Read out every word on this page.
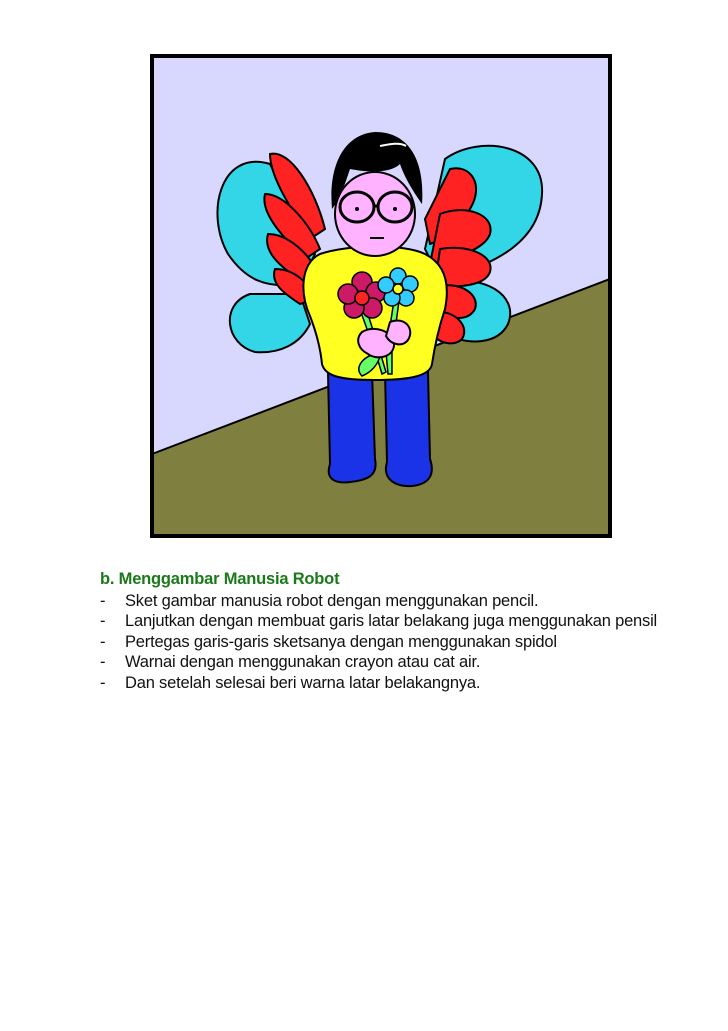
b. Menggambar Manusia Robot
- Sket gambar manusia robot dengan menggunakan pencil.
- Lanjutkan dengan membuat garis latar belakang juga menggunakan pensil
- Pertegas garis-garis sketsanya dengan menggunakan spidol
- Warnai dengan menggunakan crayon atau cat air.
- Dan setelah selesai beri warna latar belakangnya.
